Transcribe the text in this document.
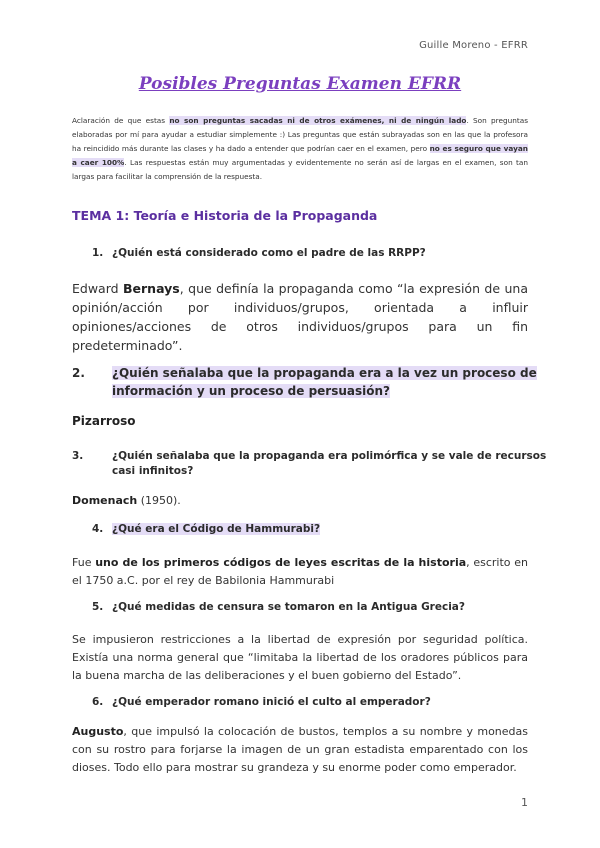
Guille Moreno - EFRR
Posibles Preguntas Examen EFRR
Aclaración de que estas no son preguntas sacadas ni de otros exámenes, ni de ningún lado. Son preguntas elaboradas por mí para ayudar a estudiar simplemente :) Las preguntas que están subrayadas son en las que la profesora ha reincidido más durante las clases y ha dado a entender que podrían caer en el examen, pero no es seguro que vayan a caer 100%. Las respuestas están muy argumentadas y evidentemente no serán así de largas en el examen, son tan largas para facilitar la comprensión de la respuesta.
TEMA 1: Teoría e Historia de la Propaganda
1. ¿Quién está considerado como el padre de las RRPP?
Edward Bernays, que definía la propaganda como “la expresión de una opinión/acción por individuos/grupos, orientada a influir opiniones/acciones de otros individuos/grupos para un fin predeterminado”.
2. ¿Quién señalaba que la propaganda era a la vez un proceso de información y un proceso de persuasión?
Pizarroso
3.	¿Quién señalaba que la propaganda era polimórfica y se vale de recursos casi infinitos?
Domenach (1950).
4. ¿Qué era el Código de Hammurabi?
Fue uno de los primeros códigos de leyes escritas de la historia, escrito en el 1750 a.C. por el rey de Babilonia Hammurabi
5. ¿Qué medidas de censura se tomaron en la Antigua Grecia?
Se impusieron restricciones a la libertad de expresión por seguridad política. Existía una norma general que “limitaba la libertad de los oradores públicos para la buena marcha de las deliberaciones y el buen gobierno del Estado”.
6. ¿Qué emperador romano inició el culto al emperador?
Augusto, que impulsó la colocación de bustos, templos a su nombre y monedas con su rostro para forjarse la imagen de un gran estadista emparentado con los dioses. Todo ello para mostrar su grandeza y su enorme poder como emperador.
1
